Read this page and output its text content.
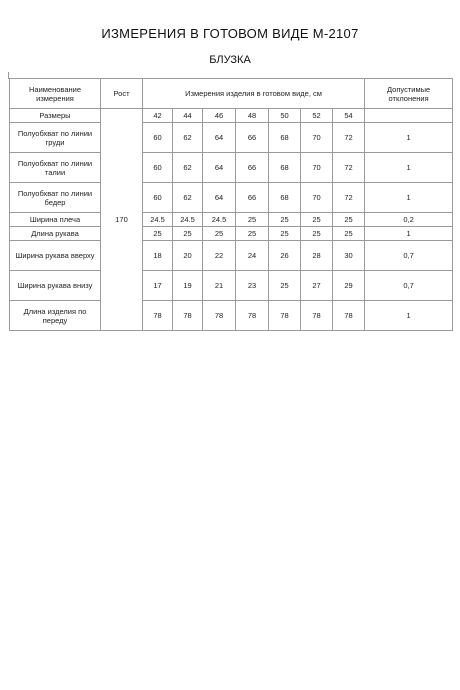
ИЗМЕРЕНИЯ В ГОТОВОМ ВИДЕ М-2107
БЛУЗКА
Наименование измерения	Рост	Измерения изделия в готовом виде, см							Допустимые отклонения
Размеры	170	42	44	46	48	50	52	54	
Полуобхват по линии груди		60	62	64	66	68	70	72	1
Полуобхват по линии талии		60	62	64	66	68	70	72	1
Полуобхват по линии бедер		60	62	64	66	68	70	72	1
Ширина плеча		24.5	24.5	24.5	25	25	25	25	0,2
Длина рукава		25	25	25	25	25	25	25	1
Ширина рукава вверху		18	20	22	24	26	28	30	0,7
Ширина рукава внизу		17	19	21	23	25	27	29	0,7
Длина изделия по переду		78	78	78	78	78	78	78	1
